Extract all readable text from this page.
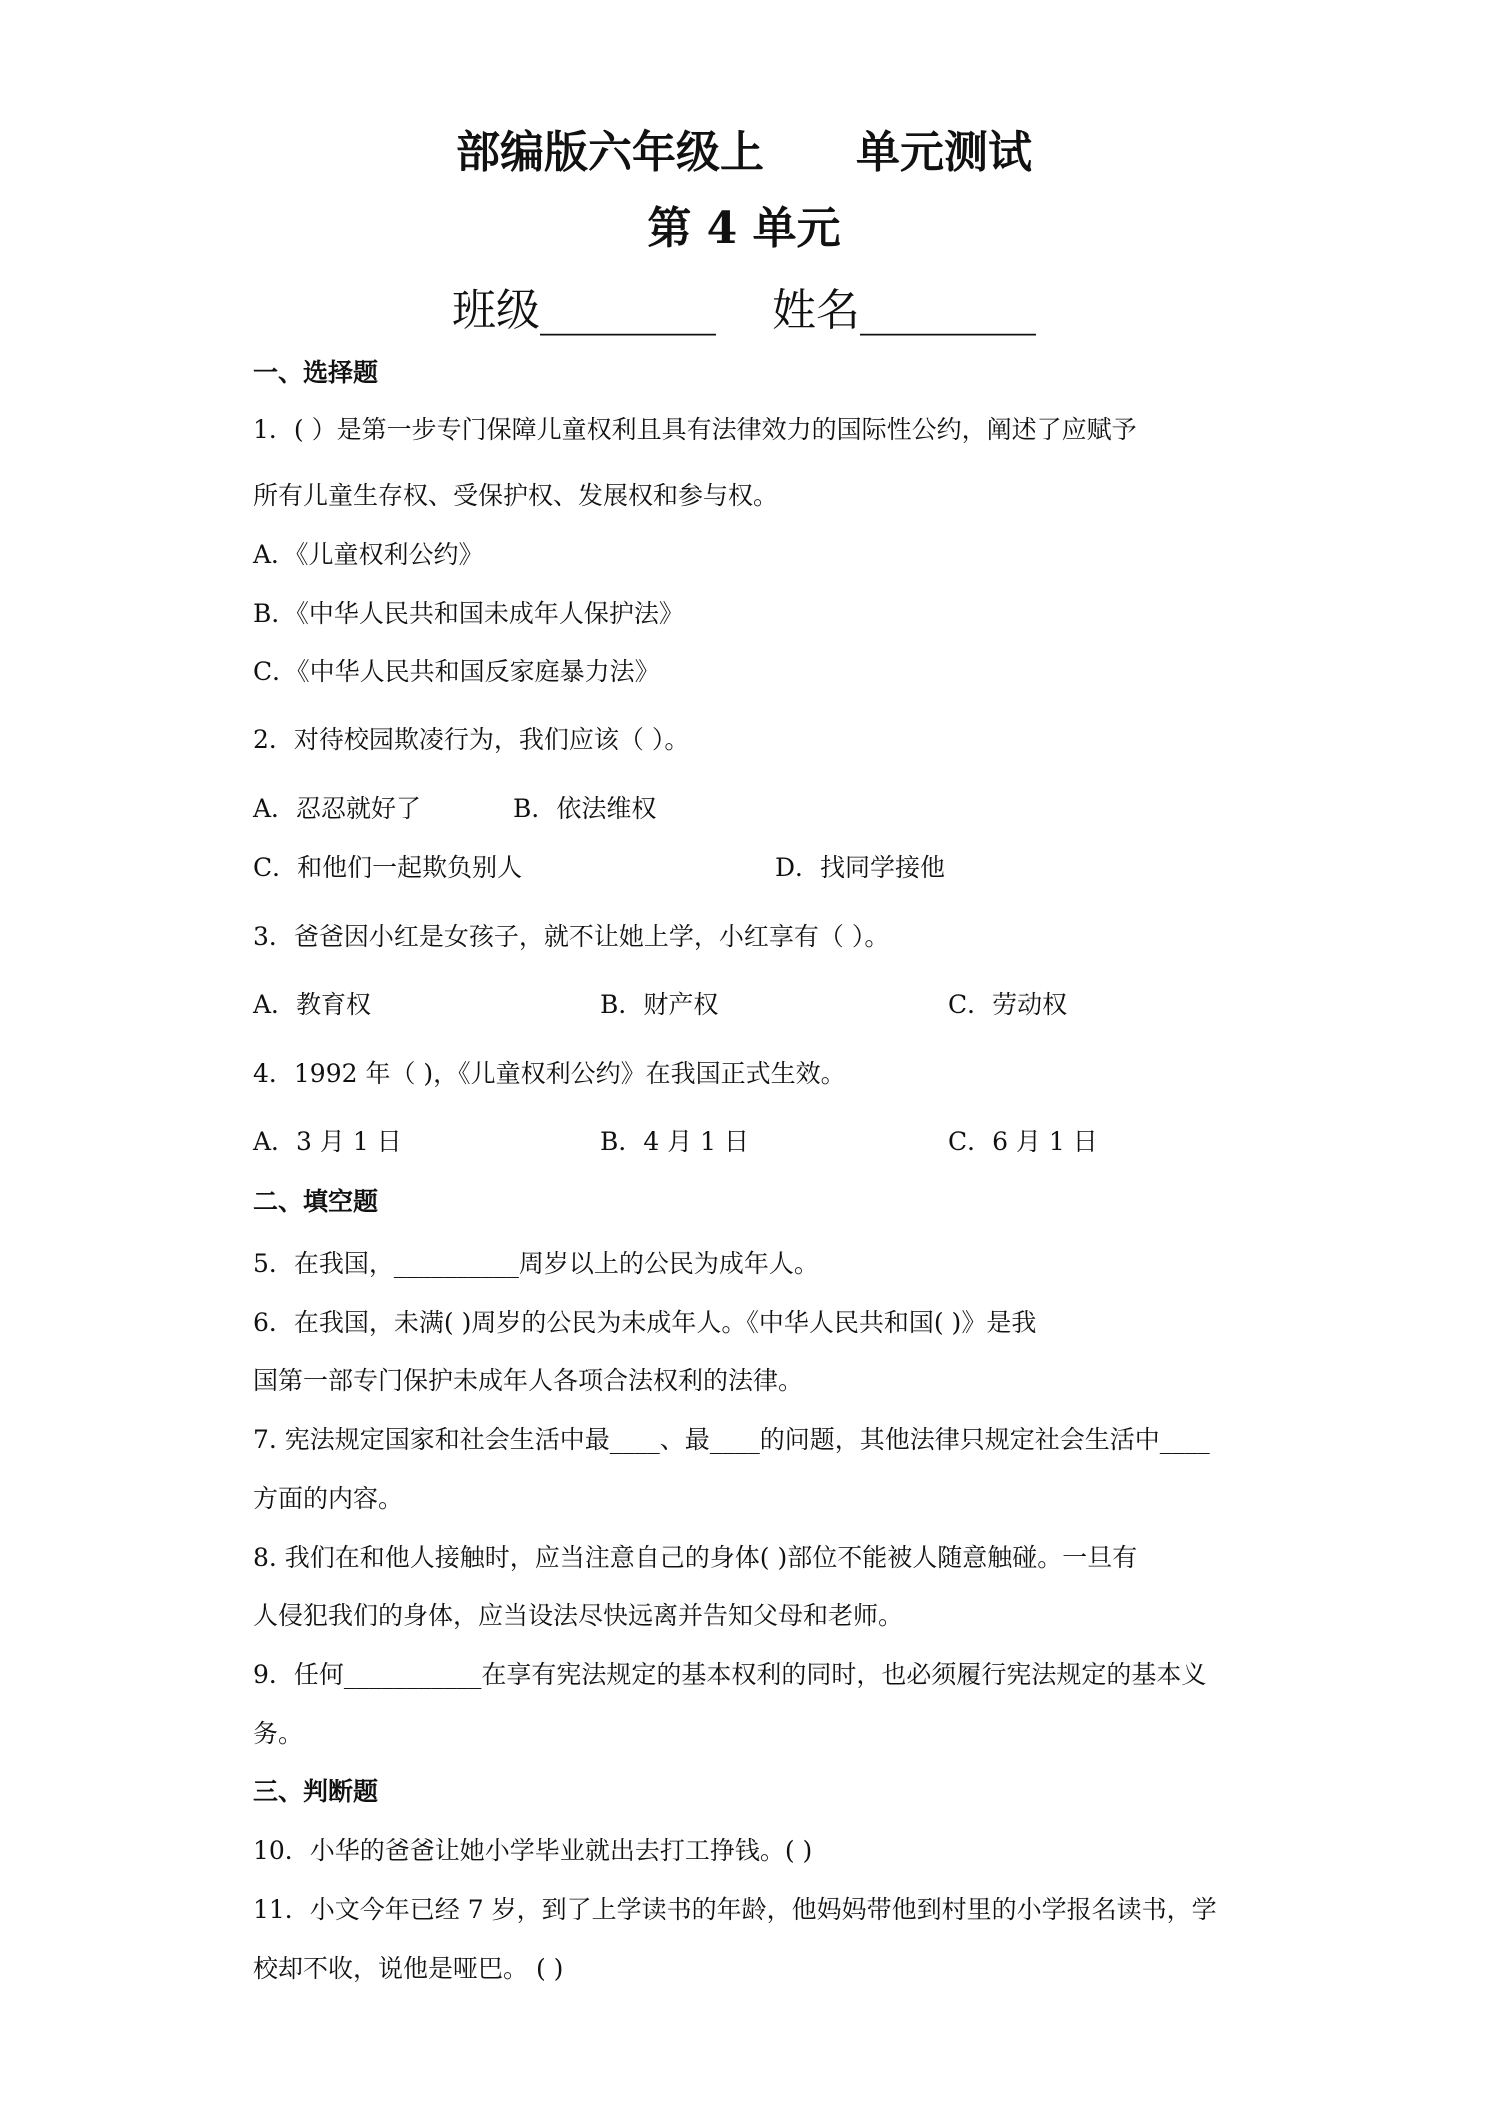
部编版六年级上      单元测试
第 4 单元
班级________    姓名________
一、选择题
1．( ）是第一步专门保障儿童权利且具有法律效力的国际性公约，阐述了应赋予
所有儿童生存权、受保护权、发展权和参与权。
A．《儿童权利公约》
B．《中华人民共和国未成年人保护法》
C．《中华人民共和国反家庭暴力法》
2．对待校园欺凌行为，我们应该（ ）。
A．忍忍就好了	B．依法维权
C．和他们一起欺负别人	D．找同学接他
3．爸爸因小红是女孩子，就不让她上学，小红享有（ ）。
A．教育权	B．财产权	C．劳动权
4．1992 年（ )，《儿童权利公约》在我国正式生效。
A．3 月 1 日	B．4 月 1 日	C．6 月 1 日
二、填空题
5．在我国，__________周岁以上的公民为成年人。
6．在我国，未满( )周岁的公民为未成年人。《中华人民共和国( )》是我
国第一部专门保护未成年人各项合法权利的法律。
7. 宪法规定国家和社会生活中最____、最____的问题，其他法律只规定社会生活中____
方面的内容。
8. 我们在和他人接触时，应当注意自己的身体( )部位不能被人随意触碰。一旦有
人侵犯我们的身体，应当设法尽快远离并告知父母和老师。
9．任何___________在享有宪法规定的基本权利的同时，也必须履行宪法规定的基本义
务。
三、判断题
10．小华的爸爸让她小学毕业就出去打工挣钱。( )
11．小文今年已经 7 岁，到了上学读书的年龄，他妈妈带他到村里的小学报名读书，学
校却不收，说他是哑巴。 ( )
